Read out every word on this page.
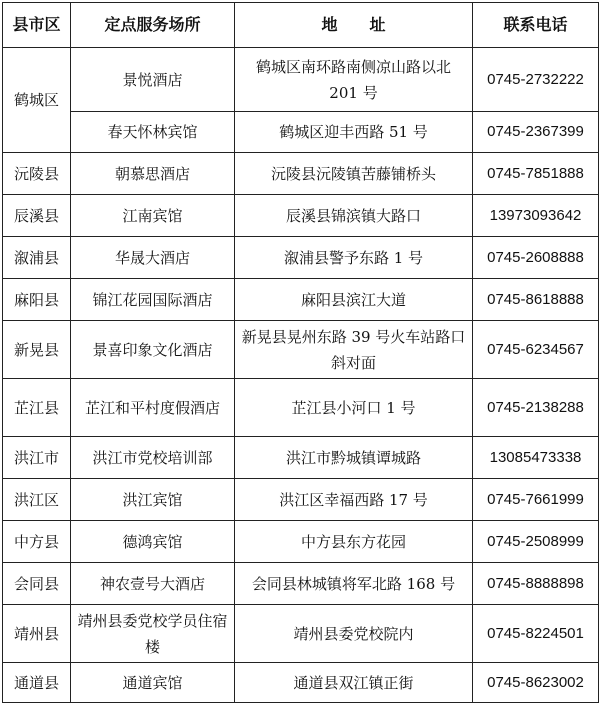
县市区	定点服务场所	地　　址	联系电话
鹤城区	景悦酒店	鹤城区南环路南侧凉山路以北 201 号	0745-2732222
	春天怀林宾馆	鹤城区迎丰西路 51 号	0745-2367399
沅陵县	朝慕思酒店	沅陵县沅陵镇苦藤铺桥头	0745-7851888
辰溪县	江南宾馆	辰溪县锦滨镇大路口	13973093642
溆浦县	华晟大酒店	溆浦县警予东路 1 号	0745-2608888
麻阳县	锦江花园国际酒店	麻阳县滨江大道	0745-8618888
新晃县	景喜印象文化酒店	新晃县晃州东路 39 号火车站路口斜对面	0745-6234567
芷江县	芷江和平村度假酒店	芷江县小河口 1 号	0745-2138288
洪江市	洪江市党校培训部	洪江市黔城镇谭城路	13085473338
洪江区	洪江宾馆	洪江区幸福西路 17 号	0745-7661999
中方县	德鸿宾馆	中方县东方花园	0745-2508999
会同县	神农壹号大酒店	会同县林城镇将军北路 168 号	0745-8888898
靖州县	靖州县委党校学员住宿楼	靖州县委党校院内	0745-8224501
通道县	通道宾馆	通道县双江镇正街	0745-8623002
